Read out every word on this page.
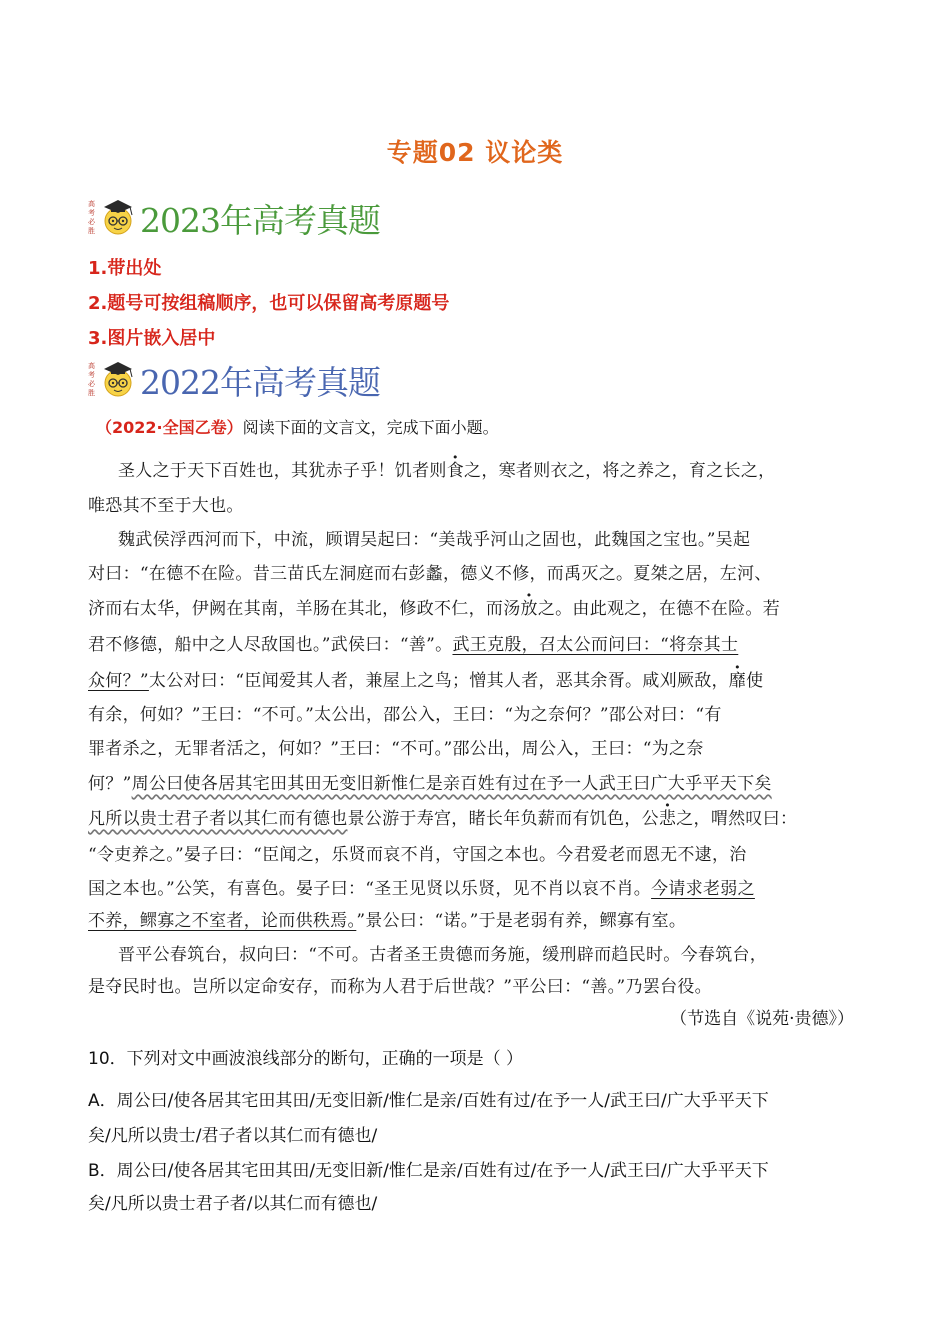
专题02 议论类
2023年高考真题
1.带出处
2.题号可按组稿顺序，也可以保留高考原题号
3.图片嵌入居中
2022年高考真题
（2022·全国乙卷）阅读下面的文言文，完成下面小题。
圣人之于天下百姓也，其犹赤子乎！饥者则食之，寒者则衣之，将之养之，育之长之，
唯恐其不至于大也。
魏武侯浮西河而下，中流，顾谓吴起曰：“美哉乎河山之固也，此魏国之宝也。”吴起
对曰：“在德不在险。昔三苗氏左洞庭而右彭蠡，德义不修，而禹灭之。夏桀之居，左河、
济而右太华，伊阙在其南，羊肠在其北，修政不仁，而汤放之。由此观之，在德不在险。若
君不修德，船中之人尽敌国也。”武侯曰：“善”。武王克殷，召太公而问曰：“将奈其士
众何？”太公对曰：“臣闻爱其人者，兼屋上之鸟；憎其人者，恶其余胥。咸刈厥敌，靡使
有余，何如？”王曰：“不可。”太公出，邵公入，王曰：“为之奈何？”邵公对曰：“有
罪者杀之，无罪者活之，何如？”王曰：“不可。”邵公出，周公入，王曰：“为之奈
何？”周公曰使各居其宅田其田无变旧新惟仁是亲百姓有过在予一人武王曰广大乎平天下矣
凡所以贵士君子者以其仁而有德也景公游于寿宫，睹长年负薪而有饥色，公悲之，喟然叹曰：
“令吏养之。”晏子曰：“臣闻之，乐贤而哀不肖，守国之本也。今君爱老而恩无不逮，治
国之本也。”公笑，有喜色。晏子曰：“圣王见贤以乐贤，见不肖以哀不肖。今请求老弱之
不养，鳏寡之不室者，论而供秩焉。”景公曰：“诺。”于是老弱有养，鳏寡有室。
晋平公春筑台，叔向曰：“不可。古者圣王贵德而务施，缓刑辟而趋民时。今春筑台，
是夺民时也。岂所以定命安存，而称为人君于后世哉？”平公曰：“善。”乃罢台役。
（节选自《说苑·贵德》）
10．下列对文中画波浪线部分的断句，正确的一项是（ ）
A．周公曰/使各居其宅田其田/无变旧新/惟仁是亲/百姓有过/在予一人/武王曰/广大乎平天下
矣/凡所以贵士/君子者以其仁而有德也/
B．周公曰/使各居其宅田其田/无变旧新/惟仁是亲/百姓有过/在予一人/武王曰/广大乎平天下
矣/凡所以贵士君子者/以其仁而有德也/
